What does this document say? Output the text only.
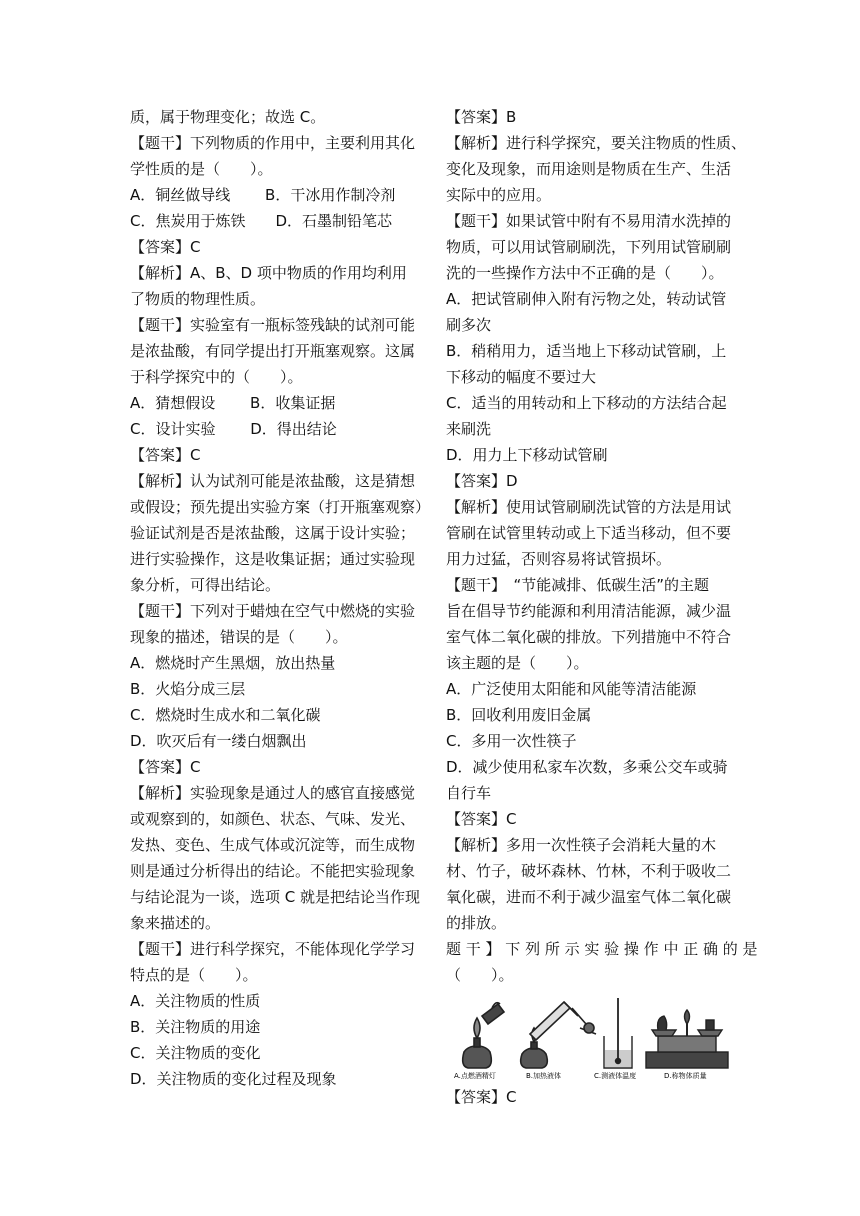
质，属于物理变化；故选 C。
【题干】下列物质的作用中，主要利用其化
学性质的是（　　）。
A．铜丝做导线　　 B．干冰用作制冷剂
C．焦炭用于炼铁　　D．石墨制铅笔芯
【答案】C
【解析】A、B、D 项中物质的作用均利用
了物质的物理性质。
【题干】实验室有一瓶标签残缺的试剂可能
是浓盐酸，有同学提出打开瓶塞观察。这属
于科学探究中的（　　）。
A．猜想假设　　 B．收集证据
C．设计实验　　 D．得出结论
【答案】C
【解析】认为试剂可能是浓盐酸，这是猜想
或假设；预先提出实验方案（打开瓶塞观察）
验证试剂是否是浓盐酸，这属于设计实验；
进行实验操作，这是收集证据；通过实验现
象分析，可得出结论。
【题干】下列对于蜡烛在空气中燃烧的实验
现象的描述，错误的是（　　）。
A．燃烧时产生黑烟，放出热量
B．火焰分成三层
C．燃烧时生成水和二氧化碳
D．吹灭后有一缕白烟飘出
【答案】C
【解析】实验现象是通过人的感官直接感觉
或观察到的，如颜色、状态、气味、发光、
发热、变色、生成气体或沉淀等，而生成物
则是通过分析得出的结论。不能把实验现象
与结论混为一谈，选项 C 就是把结论当作现
象来描述的。
【题干】进行科学探究，不能体现化学学习
特点的是（　　）。
A．关注物质的性质
B．关注物质的用途
C．关注物质的变化
D．关注物质的变化过程及现象
【答案】B
【解析】进行科学探究，要关注物质的性质、
变化及现象，而用途则是物质在生产、生活
实际中的应用。
【题干】如果试管中附有不易用清水洗掉的
物质，可以用试管刷刷洗，下列用试管刷刷
洗的一些操作方法中不正确的是（　　）。
A．把试管刷伸入附有污物之处，转动试管
刷多次
B．稍稍用力，适当地上下移动试管刷，上
下移动的幅度不要过大
C．适当的用转动和上下移动的方法结合起
来刷洗
D．用力上下移动试管刷
【答案】D
【解析】使用试管刷刷洗试管的方法是用试
管刷在试管里转动或上下适当移动，但不要
用力过猛，否则容易将试管损坏。
【题干】　“节能减排、低碳生活”的主题
旨在倡导节约能源和利用清洁能源，减少温
室气体二氧化碳的排放。下列措施中不符合
该主题的是（　　）。
A．广泛使用太阳能和风能等清洁能源
B．回收利用废旧金属
C．多用一次性筷子
D．减少使用私家车次数，多乘公交车或骑
自行车
【答案】C
【解析】多用一次性筷子会消耗大量的木
材、竹子，破坏森林、竹林，不利于吸收二
氧化碳，进而不利于减少温室气体二氧化碳
的排放。
题 干 】 下 列 所 示 实 验 操 作 中 正 确 的 是
（　　）。
A.点燃酒精灯	B.加热液体	C.测液体温度	D.称物体质量
【答案】C
